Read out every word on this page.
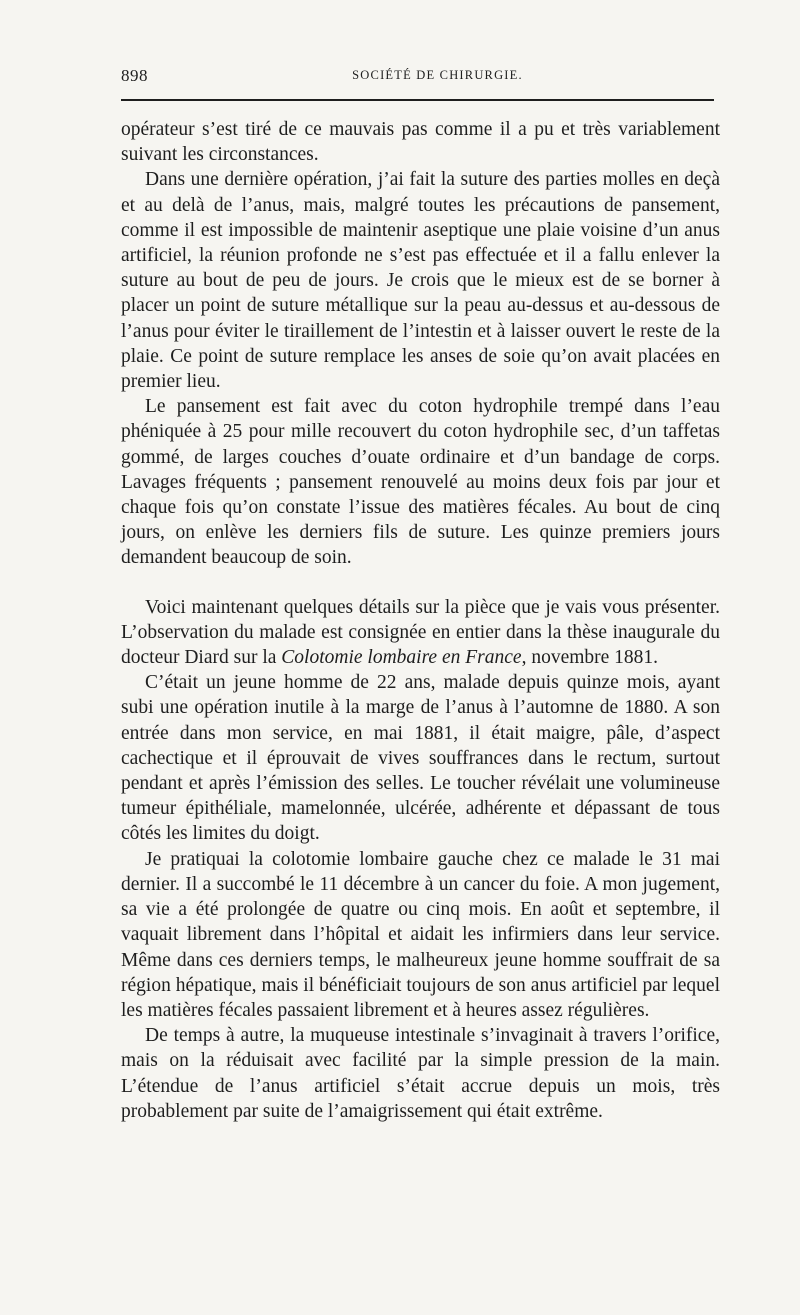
898	SOCIÉTÉ DE CHIRURGIE.

opérateur s’est tiré de ce mauvais pas comme il a pu et très variablement suivant les circonstances.

Dans une dernière opération, j’ai fait la suture des parties molles en deçà et au delà de l’anus, mais, malgré toutes les précautions de pansement, comme il est impossible de maintenir aseptique une plaie voisine d’un anus artificiel, la réunion profonde ne s’est pas effectuée et il a fallu enlever la suture au bout de peu de jours. Je crois que le mieux est de se borner à placer un point de suture métallique sur la peau au-dessus et au-dessous de l’anus pour éviter le tiraillement de l’intestin et à laisser ouvert le reste de la plaie. Ce point de suture remplace les anses de soie qu’on avait placées en premier lieu.

Le pansement est fait avec du coton hydrophile trempé dans l’eau phéniquée à 25 pour mille recouvert du coton hydrophile sec, d’un taffetas gommé, de larges couches d’ouate ordinaire et d’un bandage de corps. Lavages fréquents ; pansement renouvelé au moins deux fois par jour et chaque fois qu’on constate l’issue des matières fécales. Au bout de cinq jours, on enlève les derniers fils de suture. Les quinze premiers jours demandent beaucoup de soin.

Voici maintenant quelques détails sur la pièce que je vais vous présenter. L’observation du malade est consignée en entier dans la thèse inaugurale du docteur Diard sur la Colotomie lombaire en France, novembre 1881.

C’était un jeune homme de 22 ans, malade depuis quinze mois, ayant subi une opération inutile à la marge de l’anus à l’automne de 1880. A son entrée dans mon service, en mai 1881, il était maigre, pâle, d’aspect cachectique et il éprouvait de vives souffrances dans le rectum, surtout pendant et après l’émission des selles. Le toucher révélait une volumineuse tumeur épithéliale, mamelonnée, ulcérée, adhérente et dépassant de tous côtés les limites du doigt.

Je pratiquai la colotomie lombaire gauche chez ce malade le 31 mai dernier. Il a succombé le 11 décembre à un cancer du foie. A mon jugement, sa vie a été prolongée de quatre ou cinq mois. En août et septembre, il vaquait librement dans l’hôpital et aidait les infirmiers dans leur service. Même dans ces derniers temps, le malheureux jeune homme souffrait de sa région hépatique, mais il bénéficiait toujours de son anus artificiel par lequel les matières fécales passaient librement et à heures assez régulières.

De temps à autre, la muqueuse intestinale s’invaginait à travers l’orifice, mais on la réduisait avec facilité par la simple pression de la main. L’étendue de l’anus artificiel s’était accrue depuis un mois, très probablement par suite de l’amaigrissement qui était extrême.
